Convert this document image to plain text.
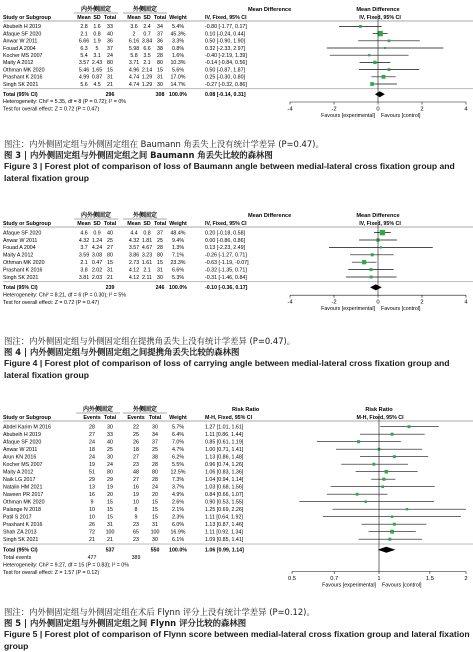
内外侧固定	外侧固定	Mean Difference	Mean Difference
Study or Subgroup	Mean SD Total Mean SD Total Weight	IV, Fixed, 95% CI	IV, Fixed, 95% CI
Abubeih H 2019	2.8 1.6 33	3.6 2.4 34 5.4%	-0.80 [-1.77, 0.17]
Afaque SF 2020	2.1 0.8 40	2 0.7 37 45.3%	0.10 [-0.24, 0.44]
Anwar W 2011	6.66 1.9 36	6.16 3.84 36 3.3%	0.50 [-0.90, 1.90]
Fouad A 2004	6.3 5 37	5.98 6.6 38 0.8%	0.32 [-2.33, 2.97]
Kocher MS 2007	5.4 3.1 24	5.8 3.5 28 1.6%	-0.40 [-2.19, 1.39]
Maity A 2012	3.57 2.43 80	3.71 2.1 80 10.3%	-0.14 [-0.84, 0.56]
Othman MK 2020	5.46 1.65 15	4.96 2.14 15 5.6%	0.50 [-0.87, 1.87]
Prashant K 2016	4.99 0.87 31	4.74 1.29 31 17.0%	0.25 [-0.30, 0.80]
Singh SK 2021	5.6 4.5 21	4.74 1.29 30 14.7%	-0.27 [-0.32, 0.86]
Total (95% CI)	296	308 100.0%	0.08 [-0.14, 0.31]
Heterogeneity: Chi² = 5.35, df = 8 (P = 0.72); I² = 0%
Test for overall effect: Z = 0.72 (P = 0.47)	-4	-2	0	2	4
Favours [experimental] Favours [control]

图注：内外侧固定组与外侧固定组在 Baumann 角丢失上没有统计学差异 (P=0.47)。

图 3 | 内外侧固定组与外侧固定组之间 Baumann 角丢失比较的森林图

Figure 3 | Forest plot of comparison of loss of Baumann angle between medial-lateral cross fixation group and lateral fixation group

内外侧固定	外侧固定	Mean Difference	Mean Difference
Study or Subgroup	Mean SD Total Mean SD Total Weight	IV, Fixed, 95% CI	IV, Fixed, 95% CI
Afaque SF 2020	4.6 0.9 40	4.4 0.8 37 48.4%	0.20 [-0.18, 0.58]
Anwar W 2011	4.32 1.24 25	4.32 1.81 25 9.4%	0.00 [-0.86, 0.86]
Fouad A 2004	3.7 4.24 27	3.57 4.67 28 1.3%	0.13 [-2.23, 2.49]
Maity A 2012	3.59 3.08 80	3.86 3.23 80 7.1%	-0.26 [-1.27, 0.71]
Othman MK 2020	2.1 0.47 15	2.73 1.61 15 23.3%	-0.63 [-1.19, -0.07]
Prashant K 2016	3.8 2.02 31	4.12 2.1 31 6.6%	-0.32 [-1.35, 0.71]
Singh SK 2021	3.81 2.03 21	4.12 2.11 30 5.3%	-0.31 [-1.46, 0.84]
Total (95% CI)	239	246 100.0%	-0.10 [-0.36, 0.17]
Heterogeneity: Chi² = 8.21, df = 6 (P = 0.30); I² = 5%
Test for overall effect: Z = 0.72 (P = 0.47)	-4	-2	0	2	4
Favours [experimental] Favours [control]

图注：内外侧固定组与外侧固定组在提携角丢失上没有统计学差异 (P=0.47)。

图 4 | 内外侧固定组与外侧固定组之间提携角丢失比较的森林图

Figure 4 | Forest plot of comparison of loss of carrying angle between medial-lateral cross fixation group and lateral fixation group

内外侧固定	外侧固定	Risk Ratio	Risk Ratio
Study or Subgroup	Events Total Events Total Weight	M-H, Fixed, 95% CI	M-H, Fixed, 95% CI
Abdel Karim M 2016	28 30	22 30	5.7%	1.27 [1.01, 1.61]
Abubeih H 2019	27 33	25 34	6.4%	1.11 [0.86, 1.44]
Afaque SF 2020	24 40	26 37	7.0%	0.85 [0.61, 1.19]
Anwar W 2011	18 25	18 25	4.7%	1.00 [0.71, 1.41]
Arun KN 2016	24 30	27 38	6.2%	1.13 [0.86, 1.48]
Kocher MS 2007	19 24	23 28	5.5%	0.96 [0.74, 1.26]
Maity A 2012	51 80	48 80 12.5%	1.06 [0.83, 1.36]
Naik LG 2017	29 29	27 28	7.3%	1.04 [0.94, 1.14]
Natalin HM 2021	13 19	16 24	3.7%	1.03 [0.68, 1.56]
Naveen PR 2017	16 20	19 20	4.9%	0.84 [0.66, 1.07]
Othman MK 2020	9	15	10 15	2.6%	0.90 [0.53, 1.55]
Palange N 2018	10 15	8	15	2.1%	1.25 [0.69, 2.26]
Patil S 2017	10 15	9	15	2.3%	1.11 [0.64, 1.92]
Prashant K 2016	26 31	23 31	6.0%	1.13 [0.87, 1.46]
Shah ZA 2013	72 100	65 100 16.9%	1.11 [0.92, 1.34]
Singh SK 2021	21 21	23 30	6.1%	1.09 [0.85, 1.41]
Total (95% CI)	537	550 100.0%	1.06 [0.99, 1.14]
Total events	477	389
Heterogeneity: Chi² = 9.27, df = 15 (P = 0.83); I² = 0%
Test for overall effect: Z = 1.57 (P = 0.12)
0.5	0.7	1	1.5	2
Favours [experimental] Favours [control]

图注：内外侧固定组与外侧固定组在术后 Flynn 评分上没有统计学差异 (P=0.12)。

图 5 | 内外侧固定组与外侧固定组之间 Flynn 评分比较的森林图

Figure 5 | Forest plot of comparison of Flynn score between medial-lateral cross fixation group and lateral fixation group
